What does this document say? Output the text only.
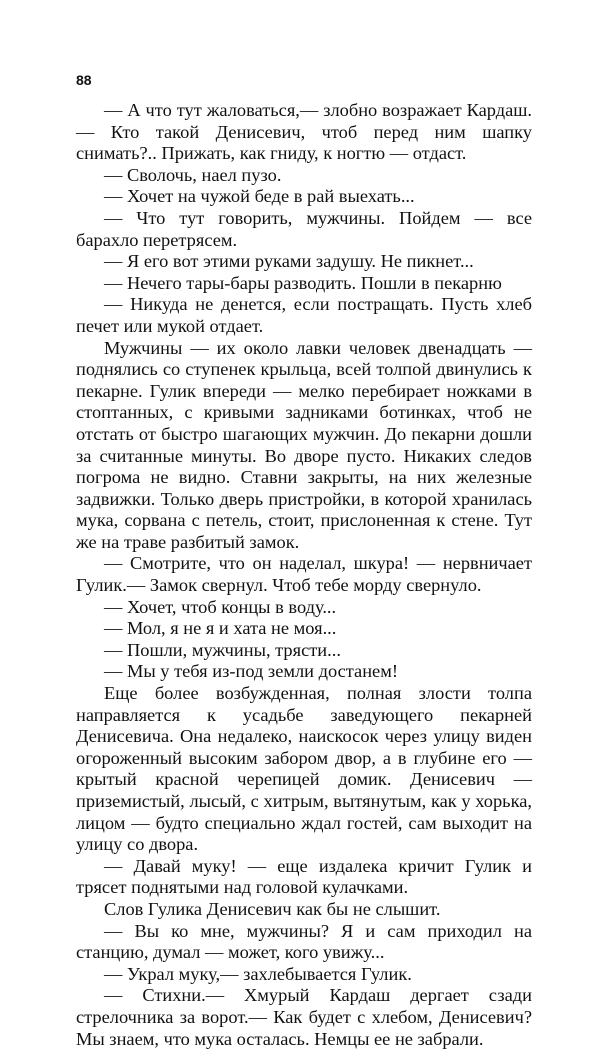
88

— А что тут жаловаться,— злобно возражает Кардаш.— Кто такой Денисевич, чтоб перед ним шапку снимать?.. Прижать, как гниду, к ногтю — отдаст.

— Сволочь, наел пузо.

— Хочет на чужой беде в рай выехать...

— Что тут говорить, мужчины. Пойдем — все барахло перетрясем.

— Я его вот этими руками задушу. Не пикнет...

— Нечего тары-бары разводить. Пошли в пекарню

— Никуда не денется, если постращать. Пусть хлеб печет или мукой отдает.

Мужчины — их около лавки человек двенадцать — поднялись со ступенек крыльца, всей толпой двинулись к пекарне. Гулик впереди — мелко перебирает ножками в стоптанных, с кривыми задниками ботинках, чтоб не отстать от быстро шагающих мужчин. До пекарни дошли за считанные минуты. Во дворе пусто. Никаких следов погрома не видно. Ставни закрыты, на них железные задвижки. Только дверь пристройки, в которой хранилась мука, сорвана с петель, стоит, прислоненная к стене. Тут же на траве разбитый замок.

— Смотрите, что он наделал, шкура! — нервничает Гулик.— Замок свернул. Чтоб тебе морду свернуло.

— Хочет, чтоб концы в воду...

— Мол, я не я и хата не моя...

— Пошли, мужчины, трясти...

— Мы у тебя из-под земли достанем!

Еще более возбужденная, полная злости толпа направляется к усадьбе заведующего пекарней Денисевича. Она недалеко, наискосок через улицу виден огороженный высоким забором двор, а в глубине его — крытый красной черепицей домик. Денисевич — приземистый, лысый, с хитрым, вытянутым, как у хорька, лицом — будто специально ждал гостей, сам выходит на улицу со двора.

— Давай муку! — еще издалека кричит Гулик и трясет поднятыми над головой кулачками.

Слов Гулика Денисевич как бы не слышит.

— Вы ко мне, мужчины? Я и сам приходил на станцию, думал — может, кого увижу...

— Украл муку,— захлебывается Гулик.

— Стихни.— Хмурый Кардаш дергает сзади стрелочника за ворот.— Как будет с хлебом, Денисевич? Мы знаем, что мука осталась. Немцы ее не забрали.
